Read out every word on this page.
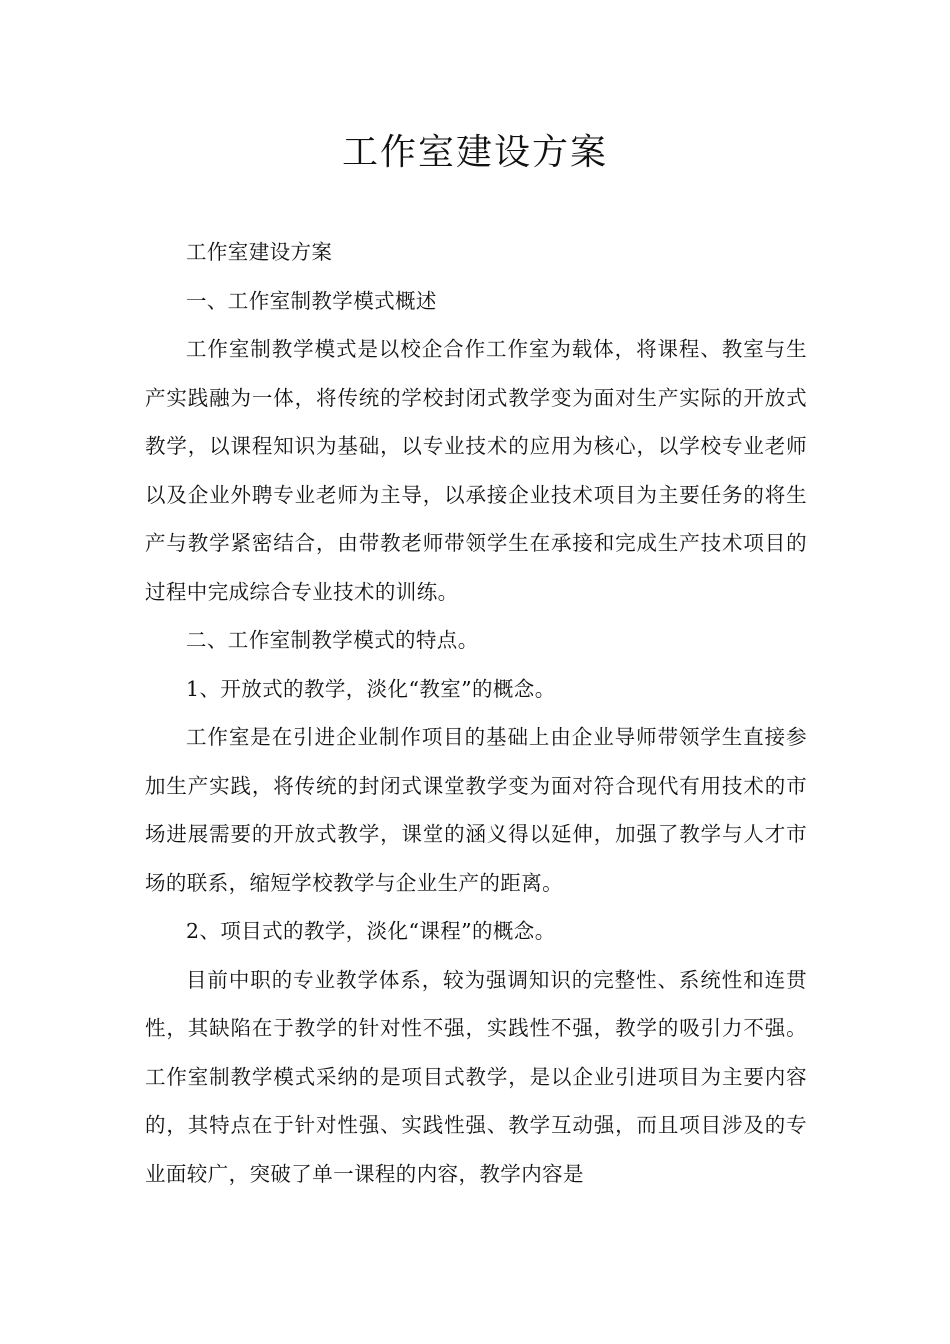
工作室建设方案

工作室建设方案

一、工作室制教学模式概述

工作室制教学模式是以校企合作工作室为载体，将课程、教室与生产实践融为一体，将传统的学校封闭式教学变为面对生产实际的开放式教学，以课程知识为基础，以专业技术的应用为核心，以学校专业老师以及企业外聘专业老师为主导，以承接企业技术项目为主要任务的将生产与教学紧密结合，由带教老师带领学生在承接和完成生产技术项目的过程中完成综合专业技术的训练。

二、工作室制教学模式的特点。

1、开放式的教学，淡化“教室”的概念。

工作室是在引进企业制作项目的基础上由企业导师带领学生直接参加生产实践，将传统的封闭式课堂教学变为面对符合现代有用技术的市场进展需要的开放式教学，课堂的涵义得以延伸，加强了教学与人才市场的联系，缩短学校教学与企业生产的距离。

2、项目式的教学，淡化“课程”的概念。

目前中职的专业教学体系，较为强调知识的完整性、系统性和连贯性，其缺陷在于教学的针对性不强，实践性不强，教学的吸引力不强。工作室制教学模式采纳的是项目式教学，是以企业引进项目为主要内容的，其特点在于针对性强、实践性强、教学互动强，而且项目涉及的专业面较广，突破了单一课程的内容，教学内容是
